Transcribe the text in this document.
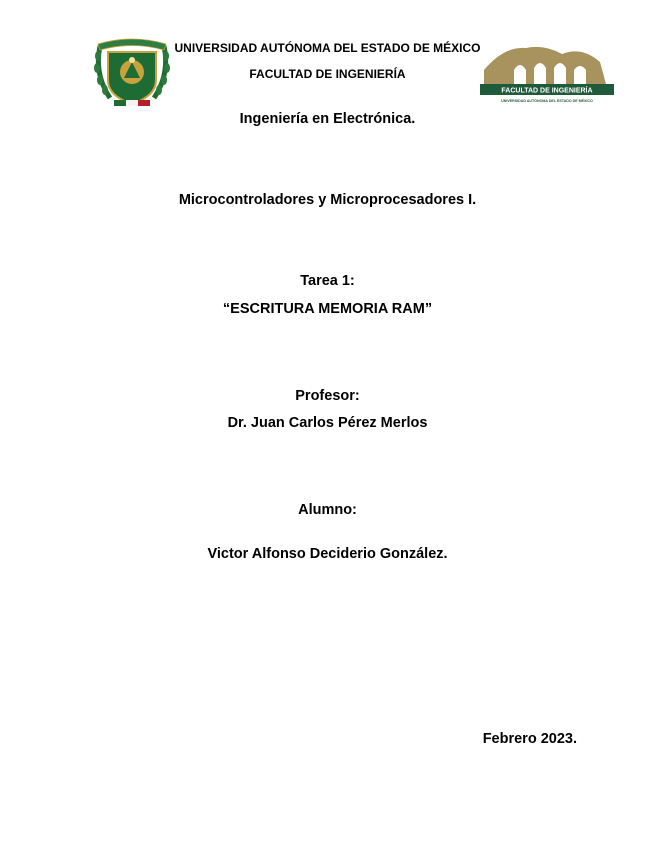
UNIVERSIDAD AUTÓNOMA DEL ESTADO DE MÉXICO
FACULTAD DE INGENIERÍA
FACULTAD DE INGENIERÍA
UNIVERSIDAD AUTÓNOMA DEL ESTADO DE MÉXICO
Ingeniería en Electrónica.
Microcontroladores y Microprocesadores I.
Tarea 1:
“ESCRITURA MEMORIA RAM”
Profesor:
Dr. Juan Carlos Pérez Merlos
Alumno:
Victor Alfonso Deciderio González.
Febrero 2023.
